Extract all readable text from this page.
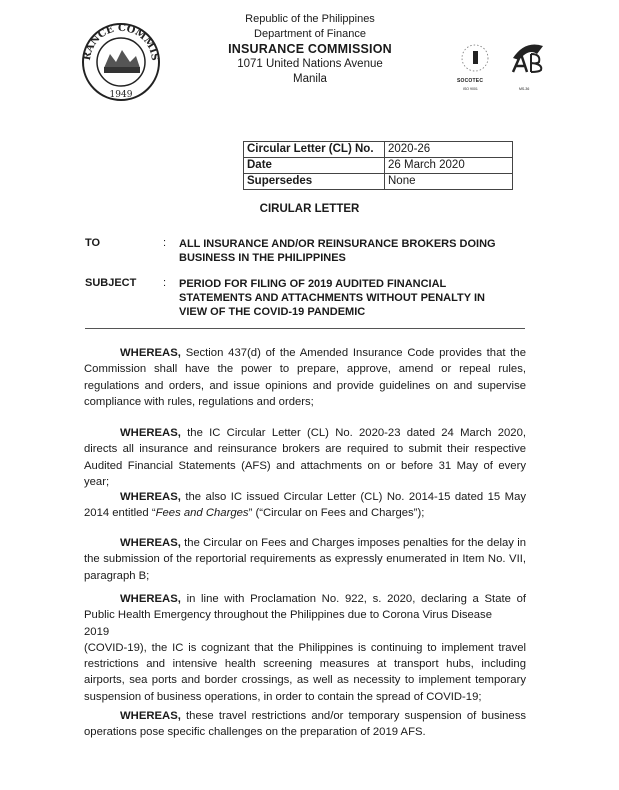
RANCE COMMIS
1949
Republic of the Philippines
Department of Finance
INSURANCE COMMISSION
1071 United Nations Avenue
Manila	SOCOTEC
ISO 9001	MS-36
Circular Letter (CL) No.	2020-26
Date	26 March 2020
Supersedes	None
CIRULAR LETTER
TO	: ALL INSURANCE AND/OR REINSURANCE BROKERS DOING
BUSINESS IN THE PHILIPPINES
SUBJECT : PERIOD FOR FILING OF 2019 AUDITED FINANCIAL
STATEMENTS AND ATTACHMENTS WITHOUT PENALTY IN
VIEW OF THE COVID-19 PANDEMIC
WHEREAS, Section 437(d) of the Amended Insurance Code provides that the Commission shall have the power to prepare, approve, amend or repeal rules, regulations and orders, and issue opinions and provide guidelines on and supervise compliance with rules, regulations and orders;
WHEREAS, the IC Circular Letter (CL) No. 2020-23 dated 24 March 2020, directs all insurance and reinsurance brokers are required to submit their respective Audited Financial Statements (AFS) and attachments on or before 31 May of every year;
WHEREAS, the also IC issued Circular Letter (CL) No. 2014-15 dated 15 May 2014 entitled “Fees and Charges” (“Circular on Fees and Charges”);
WHEREAS, the Circular on Fees and Charges imposes penalties for the delay in the submission of the reportorial requirements as expressly enumerated in Item No. VII, paragraph B;
WHEREAS, in line with Proclamation No. 922, s. 2020, declaring a State of Public Health Emergency throughout the Philippines due to Corona Virus Disease
2019
(COVID-19), the IC is cognizant that the Philippines is continuing to implement travel restrictions and intensive health screening measures at transport hubs, including airports, sea ports and border crossings, as well as necessity to implement temporary suspension of business operations, in order to contain the spread of COVID-19;
WHEREAS, these travel restrictions and/or temporary suspension of business operations pose specific challenges on the preparation of 2019 AFS.
